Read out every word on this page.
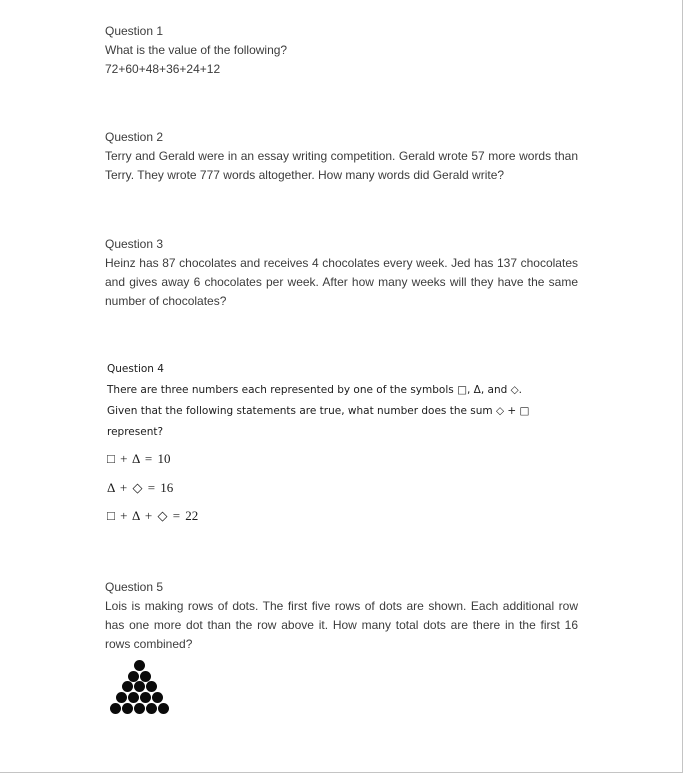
Question 1
What is the value of the following?
72+60+48+36+24+12
Question 2
Terry and Gerald were in an essay writing competition. Gerald wrote 57 more words than Terry. They wrote 777 words altogether. How many words did Gerald write?
Question 3
Heinz has 87 chocolates and receives 4 chocolates every week. Jed has 137 chocolates and gives away 6 chocolates per week. After how many weeks will they have the same number of chocolates?
Question 4
There are three numbers each represented by one of the symbols □, Δ, and ◇.
Given that the following statements are true, what number does the sum ◇ + □
represent?
□ + Δ = 10
Δ + ◇ = 16
□ + Δ + ◇ = 22
Question 5
Lois is making rows of dots. The first five rows of dots are shown. Each additional row has one more dot than the row above it. How many total dots are there in the first 16 rows combined?
